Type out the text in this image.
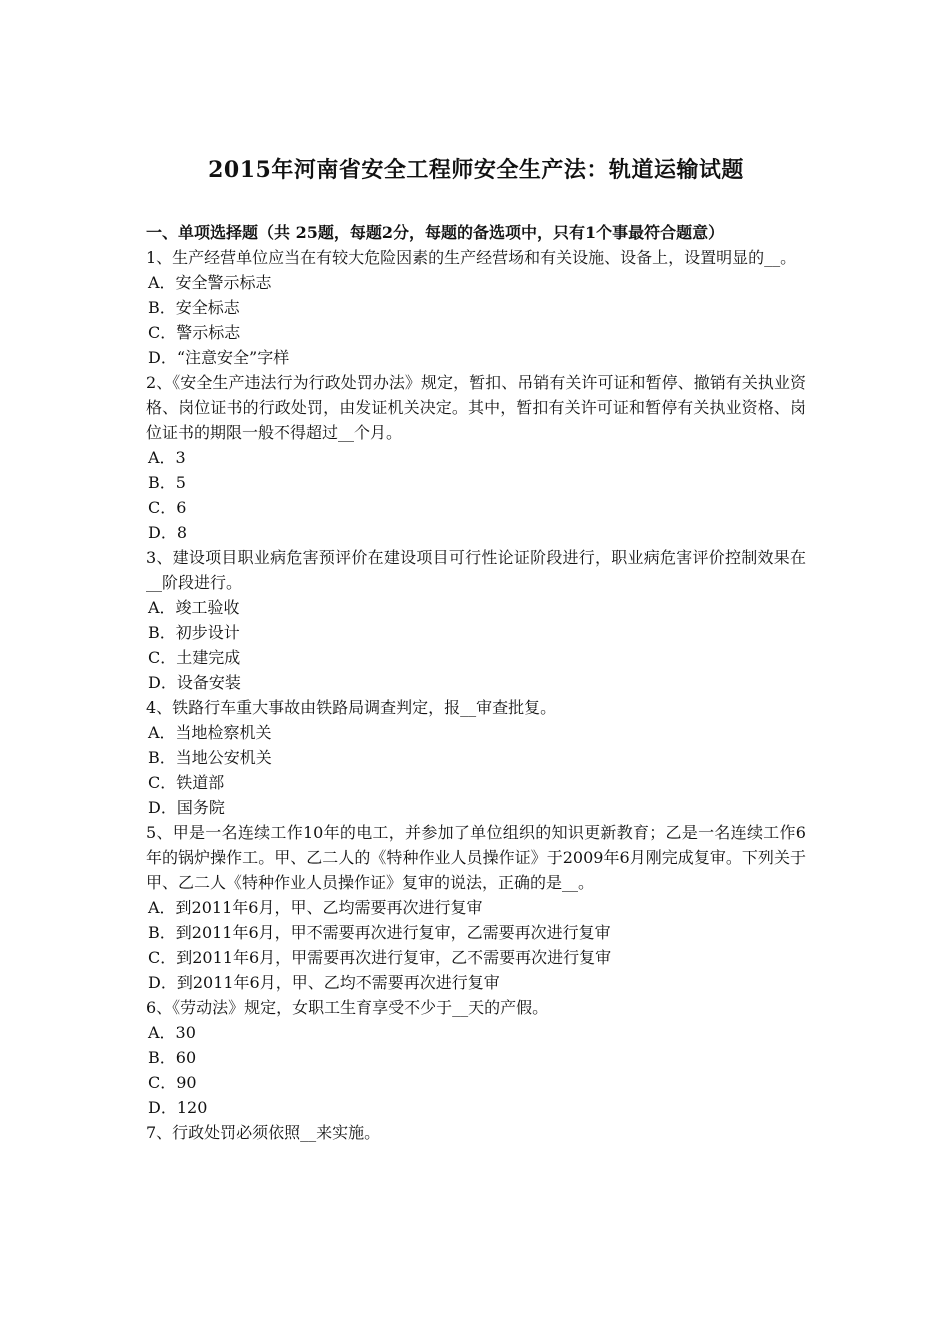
2015年河南省安全工程师安全生产法：轨道运输试题

一、单项选择题（共 25题，每题2分，每题的备选项中，只有1个事最符合题意）

1、生产经营单位应当在有较大危险因素的生产经营场和有关设施、设备上，设置明显的__。

A．安全警示标志

B．安全标志

C．警示标志

D．“注意安全”字样

2、《安全生产违法行为行政处罚办法》规定，暂扣、吊销有关许可证和暂停、撤销有关执业资格、岗位证书的行政处罚，由发证机关决定。其中，暂扣有关许可证和暂停有关执业资格、岗位证书的期限一般不得超过__个月。

A．3

B．5

C．6

D．8

3、建设项目职业病危害预评价在建设项目可行性论证阶段进行，职业病危害评价控制效果在__阶段进行。

A．竣工验收

B．初步设计

C．土建完成

D．设备安装

4、铁路行车重大事故由铁路局调查判定，报__审查批复。

A．当地检察机关

B．当地公安机关

C．铁道部

D．国务院

5、甲是一名连续工作10年的电工，并参加了单位组织的知识更新教育；乙是一名连续工作6年的锅炉操作工。甲、乙二人的《特种作业人员操作证》于2009年6月刚完成复审。下列关于甲、乙二人《特种作业人员操作证》复审的说法，正确的是__。

A．到2011年6月，甲、乙均需要再次进行复审

B．到2011年6月，甲不需要再次进行复审，乙需要再次进行复审

C．到2011年6月，甲需要再次进行复审，乙不需要再次进行复审

D．到2011年6月，甲、乙均不需要再次进行复审

6、《劳动法》规定，女职工生育享受不少于__天的产假。

A．30

B．60

C．90

D．120

7、行政处罚必须依照__来实施。
